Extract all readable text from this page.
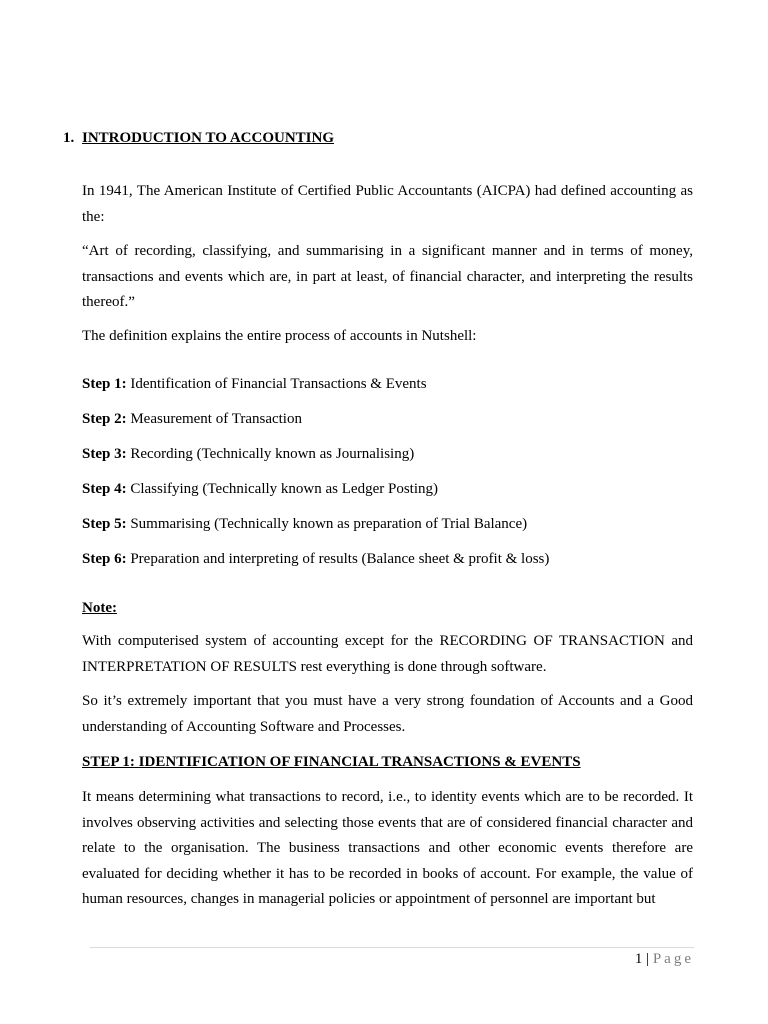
1. INTRODUCTION TO ACCOUNTING
In 1941, The American Institute of Certified Public Accountants (AICPA) had defined accounting as the:
“Art of recording, classifying, and summarising in a significant manner and in terms of money, transactions and events which are, in part at least, of financial character, and interpreting the results thereof.”
The definition explains the entire process of accounts in Nutshell:
Step 1: Identification of Financial Transactions & Events
Step 2: Measurement of Transaction
Step 3: Recording (Technically known as Journalising)
Step 4: Classifying (Technically known as Ledger Posting)
Step 5: Summarising (Technically known as preparation of Trial Balance)
Step 6: Preparation and interpreting of results (Balance sheet & profit & loss)
Note:
With computerised system of accounting except for the RECORDING OF TRANSACTION and INTERPRETATION OF RESULTS rest everything is done through software.
So it’s extremely important that you must have a very strong foundation of Accounts and a Good understanding of Accounting Software and Processes.
STEP 1: IDENTIFICATION OF FINANCIAL TRANSACTIONS & EVENTS
It means determining what transactions to record, i.e., to identity events which are to be recorded. It involves observing activities and selecting those events that are of considered financial character and relate to the organisation. The business transactions and other economic events therefore are evaluated for deciding whether it has to be recorded in books of account. For example, the value of human resources, changes in managerial policies or appointment of personnel are important but
1 | Page
